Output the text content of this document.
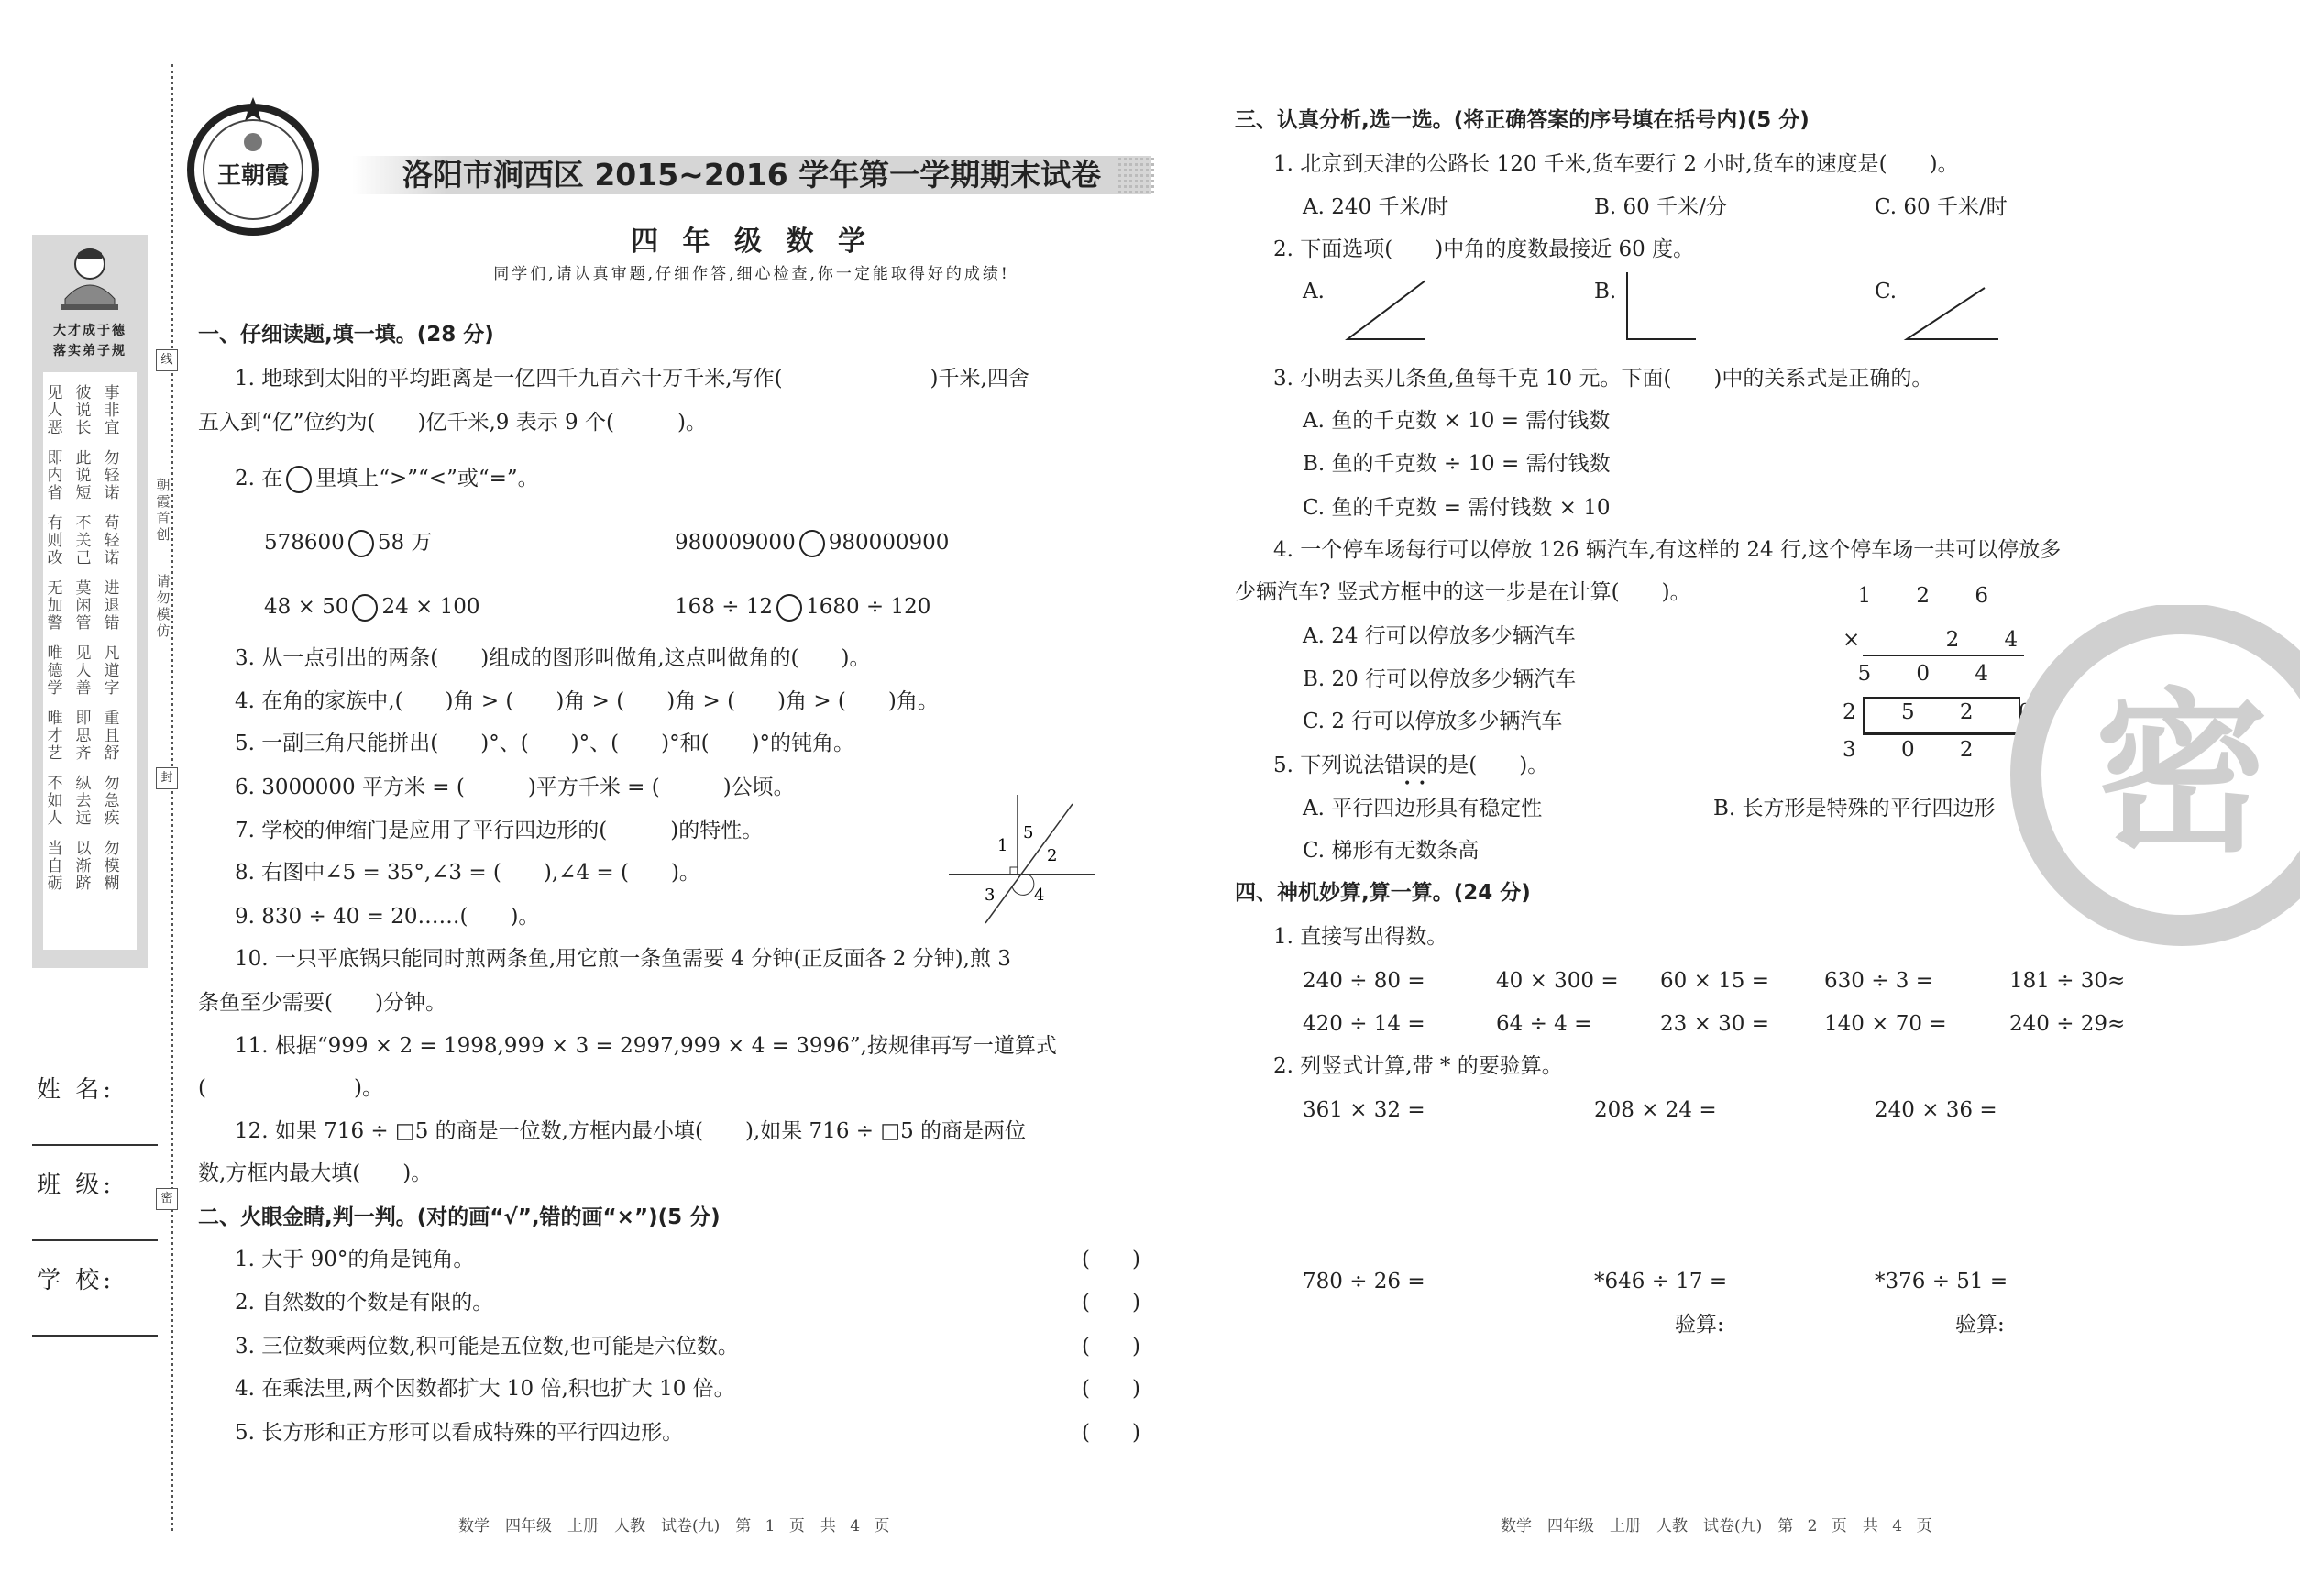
大才成于德
落实弟子规
见彼事
人说非
恶长宜
即此勿
内说轻
省短诺
有不苟
则关轻
改己诺
无莫进
加闲退
警管错
唯见凡
德人道
学善字
唯即重
才思且
艺齐舒
不纵勿
如去急
人远疾
当以勿
自渐模
砺跻糊
线
封
密
朝霞首创
请勿模仿
姓 名:
班 级:
学 校:
王朝霞	洛阳市涧西区 2015~2016 学年第一学期期末试卷
四 年 级 数 学
同学们,请认真审题,仔细作答,细心检查,你一定能取得好的成绩!
一、仔细读题,填一填。(28 分)
1. 地球到太阳的平均距离是一亿四千九百六十万千米,写作(　　　　　　　)千米,四舍
五入到“亿”位约为(　　)亿千米,9 表示 9 个(　　　)。
2. 在 里填上“>”“<”或“=”。
578600 58 万	980009000 980000900
48 × 50 24 × 100	168 ÷ 12 1680 ÷ 120
3. 从一点引出的两条(　　)组成的图形叫做角,这点叫做角的(　　)。
4. 在角的家族中,(　　)角 > (　　)角 > (　　)角 > (　　)角 > (　　)角。
5. 一副三角尺能拼出(　　)°、(　　)°、(　　)°和(　　)°的钝角。
6. 3000000 平方米 = (　　　)平方千米 = (　　　)公顷。
7. 学校的伸缩门是应用了平行四边形的(　　　)的特性。
8. 右图中∠5 = 35°,∠3 = (　　),∠4 = (　　)。
9. 830 ÷ 40 = 20……(　　)。
1
5
2
3 4
10. 一只平底锅只能同时煎两条鱼,用它煎一条鱼需要 4 分钟(正反面各 2 分钟),煎 3
条鱼至少需要(　　)分钟。
11. 根据“999 × 2 = 1998,999 × 3 = 2997,999 × 4 = 3996”,按规律再写一道算式
(　　　　　　　)。
12. 如果 716 ÷ □5 的商是一位数,方框内最小填(　　),如果 716 ÷ □5 的商是两位
数,方框内最大填(　　)。
二、火眼金睛,判一判。(对的画“√”,错的画“×”)(5 分)
1. 大于 90°的角是钝角。	(　　)
2. 自然数的个数是有限的。	(　　)
3. 三位数乘两位数,积可能是五位数,也可能是六位数。	(　　)
4. 在乘法里,两个因数都扩大 10 倍,积也扩大 10 倍。	(　　)
5. 长方形和正方形可以看成特殊的平行四边形。	(　　)
数学　四年级　上册　人教　试卷(九)　第 1 页　共 4 页
三、认真分析,选一选。(将正确答案的序号填在括号内)(5 分)
1. 北京到天津的公路长 120 千米,货车要行 2 小时,货车的速度是(　　)。
A. 240 千米/时	B. 60 千米/分	C. 60 千米/时
2. 下面选项(　　)中角的度数最接近 60 度。
A.	B.	C.
3. 小明去买几条鱼,鱼每千克 10 元。下面(　　)中的关系式是正确的。
A. 鱼的千克数 × 10 = 需付钱数
B. 鱼的千克数 ÷ 10 = 需付钱数
C. 鱼的千克数 = 需付钱数 × 10
4. 一个停车场每行可以停放 126 辆汽车,有这样的 24 行,这个停车场一共可以停放多
少辆汽车? 竖式方框中的这一步是在计算(　　)。
A. 24 行可以停放多少辆汽车
B. 20 行可以停放多少辆汽车
C. 2 行可以停放多少辆汽车
1 2 6
× 　2 4
5 0 4
2 5 2 0
3 0 2 4
5. 下列说法错误的是(　　)。
••
A. 平行四边形具有稳定性	B. 长方形是特殊的平行四边形
C. 梯形有无数条高	密
四、神机妙算,算一算。(24 分)
1. 直接写出得数。
240 ÷ 80 =	40 × 300 = 60 × 15 =	630 ÷ 3 =	181 ÷ 30≈
420 ÷ 14 =	64 ÷ 4 =	23 × 30 =	140 × 70 =	240 ÷ 29≈
2. 列竖式计算,带 * 的要验算。
361 × 32 =	208 × 24 =	240 × 36 =
780 ÷ 26 =	*646 ÷ 17 =	*376 ÷ 51 =
验算:	验算:
数学　四年级　上册　人教　试卷(九)　第 2 页　共 4 页
